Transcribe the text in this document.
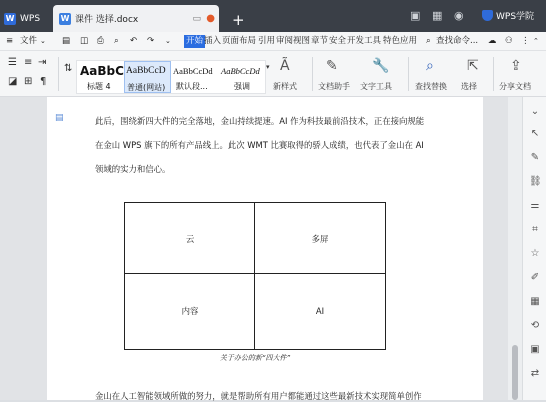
W WPS	W 课件 选择.docx	▭ ● +	▣ ▦ ◉	WPS学院
≡ 文件 ⌄ ▤ ◫ ⎙ ⌕ ↶ ↷ ⌄ 开始 插入 页面布局 引用 审阅 视图 章节 安全 开发工具 特色应用 ⌕ 查找命令... ☁ ⚇ ⋮ ⌃
☰ ≡ ⇥
◪ ⊞ ¶
⇅ AaBbC
标题 4
AaBbCcD
普通(网站)
AaBbCcDd
默认段...
AaBbCcDd
强调
▾ Ã
新样式
✎
文档助手
🔧
文字工具
⌕
查找替换
⇱
选择
⇪
分享文档
▤	此后，围绕新四大件的完全落地，金山持续提速。AI 作为科技最前沿技术，正在接向规能
在金山 WPS 旗下的所有产品线上。此次 WMT 比赛取得的骄人成绩，也代表了金山在 AI
领域的实力和信心。
云	多屏
内容	AI
关于办公的新“四大件”
金山在人工智能领域所做的努力，就是帮助所有用户都能通过这些最新技术实现简单创作
⌄
↖
✎
⛓
⚌
⌗
☆
✐
▦
⟲
▣
⇄
